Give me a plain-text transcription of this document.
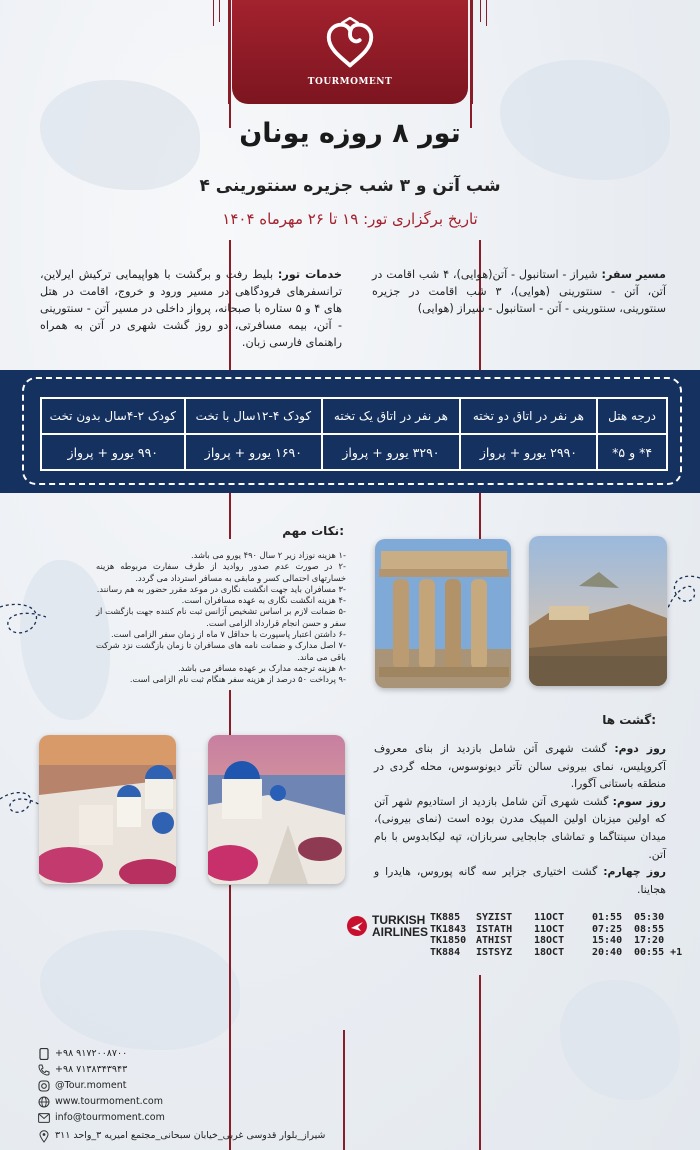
TOURMOMENT
تور ۸ روزه یونان
۴ شب آتن و ۳ شب جزیره سنتورینی
تاریخ برگزاری تور: ۱۹ تا ۲۶ مهرماه ۱۴۰۴
مسیر سفر: شیراز - استانبول - آتن(هوایی)، ۴ شب اقامت در آتن، آتن - سنتورینی (هوایی)، ۳ شب اقامت در جزیره سنتورینی، سنتورینی - آتن - استانبول - شیراز (هوایی)
خدمات تور: بلیط رفت و برگشت با هواپیمایی ترکیش ایرلاین، ترانسفرهای فرودگاهی در مسیر ورود و خروج، اقامت در هتل های ۴ و ۵ ستاره با صبحانه، پرواز داخلی در مسیر آتن - سنتورینی - آتن، بیمه مسافرتی، دو روز گشت شهری در آتن به همراه راهنمای فارسی زبان.
درجه هتل	هر نفر در اتاق دو تخته	هر نفر در اتاق یک تخته	کودک ۴-۱۲سال با تخت	کودک ۲-۴سال بدون تخت
۴* و ۵*	۲۹۹۰ یورو + پرواز	۳۲۹۰ یورو + پرواز	۱۶۹۰ یورو + پرواز	۹۹۰ یورو + پرواز
نکات مهم:
-۱ هزینه نوزاد زیر ۲ سال ۴۹۰ یورو می باشد.
-۲ در صورت عدم صدور روادید از طرف سفارت مربوطه هزینه خسارتهای احتمالی کسر و مابقی به مسافر استرداد می گردد.
-۳ مسافران باید جهت انگشت نگاری در موعد مقرر حضور به هم رسانند.
-۴ هزینه انگشت نگاری به عهده مسافران است.
-۵ ضمانت لازم بر اساس تشخیص آژانس ثبت نام کننده جهت بازگشت از سفر و حسن انجام قرارداد الزامی است.
-۶ داشتن اعتبار پاسپورت با حداقل ۷ ماه از زمان سفر الزامی است.
-۷ اصل مدارک و ضمانت نامه های مسافران تا زمان بازگشت نزد شرکت باقی می ماند.
-۸ هزینه ترجمه مدارک بر عهده مسافر می باشد.
-۹ پرداخت ۵۰ درصد از هزینه سفر هنگام ثبت نام الزامی است.
گشت ها:
روز دوم: گشت شهری آتن شامل بازدید از بنای معروف آکروپلیس، نمای بیرونی سالن تآتر دیونوسوس، محله گردی در منطقه باستانی آگورا.
روز سوم: گشت شهری آتن شامل بازدید از استادیوم شهر آتن که اولین میزبان اولین المپیک مدرن بوده است (نمای بیرونی)، میدان سینتاگما و تماشای جابجایی سربازان، تپه لیکابدوس با بام آتن.
روز چهارم: گشت اختیاری جزایر سه گانه پوروس، هایدرا و هجاینا.
TURKISH AIRLINES
TK885	SYZIST	11OCT	01:55	05:30
TK1843 ISTATH	11OCT	07:25	08:55
TK1850 ATHIST	18OCT	15:40	17:20
TK884	ISTSYZ	18OCT	20:40	00:55 +1
+۹۸ ۹۱۷۲۰۰۸۷۰۰
+۹۸ ۷۱۳۸۳۴۳۹۴۳
@Tour.moment
www.tourmoment.com
info@tourmoment.com
شیراز_بلوار قدوسی غربی_خیابان سبحانی_مجتمع امیریه ۳_واحد ۳۱۱
